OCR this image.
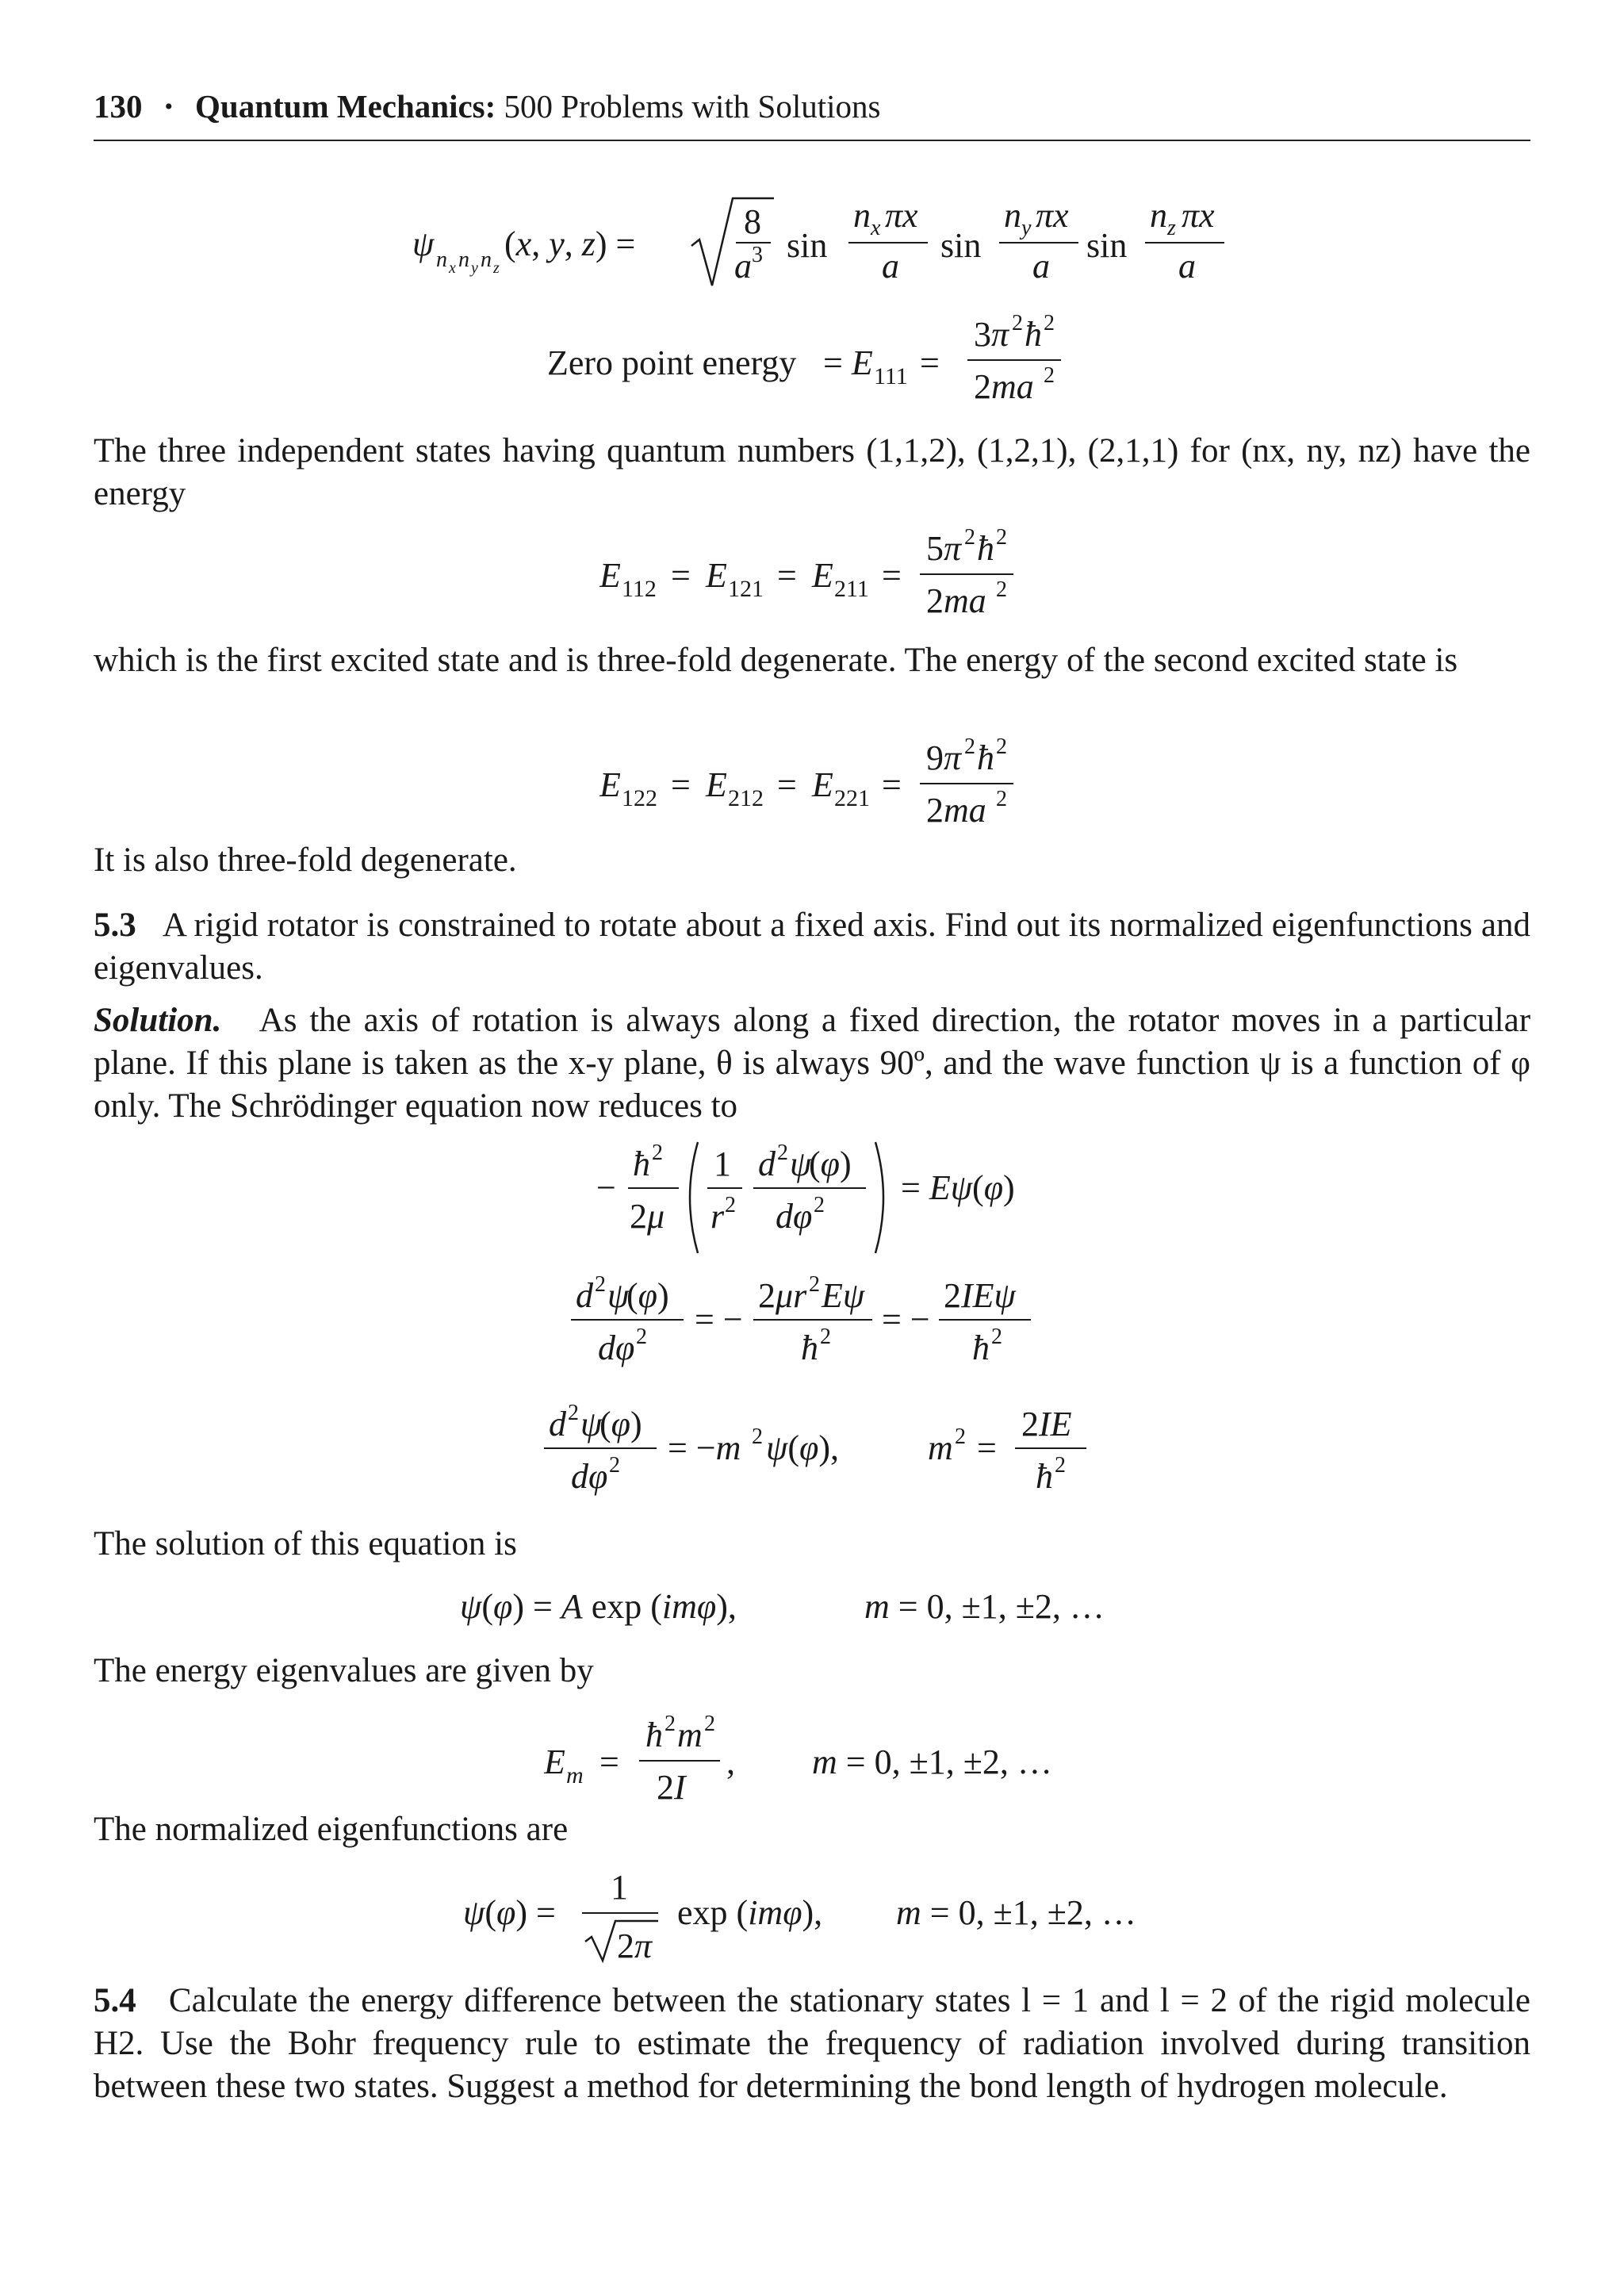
130 • Quantum Mechanics: 500 Problems with Solutions
ψ n x n y n z
(x, y, z) =
8
a 3 sin
n x πx
a
sin
n y πx
a
sin
n z πx
a
Zero point energy = E 111 =
3π 2 ħ 2
2ma 2

The three independent states having quantum numbers (1,1,2), (1,2,1), (2,1,1) for (nx, ny, nz) have the energy

E 112 = E 121 = E 211 =
5π 2 ħ 2
2ma 2

which is the first excited state and is three-fold degenerate. The energy of the second excited state is

E 122 = E 212 = E 221 =
9π 2 ħ 2
2ma 2

It is also three-fold degenerate.

5.3 A rigid rotator is constrained to rotate about a fixed axis. Find out its normalized eigenfunctions and eigenvalues.

Solution. As the axis of rotation is always along a fixed direction, the rotator moves in a particular plane. If this plane is taken as the x-y plane, θ is always 90º, and the wave function ψ is a function of φ only. The Schrödinger equation now reduces to

−
ħ 2
2μ
1
r 2
d 2 ψ
(φ)
dφ 2 = Eψ(φ)
d 2 ψ
(φ)
dφ 2 = −
2μr 2 Eψ
ħ 2 = −
2IEψ
ħ 2
d 2 ψ
(φ)
dφ 2 = −m 2 ψ(φ),	m 2 =
2IE
ħ 2

The solution of this equation is

ψ(φ) = A exp (imφ),	m = 0, ±1, ±2, …

The energy eigenvalues are given by

E m =
ħ 2 m 2
2I
, m = 0, ±1, ±2, …

The normalized eigenfunctions are

ψ(φ) =
1
2π
exp (imφ), m = 0, ±1, ±2, …

5.4 Calculate the energy difference between the stationary states l = 1 and l = 2 of the rigid molecule H2. Use the Bohr frequency rule to estimate the frequency of radiation involved during transition between these two states. Suggest a method for determining the bond length of hydrogen molecule.
